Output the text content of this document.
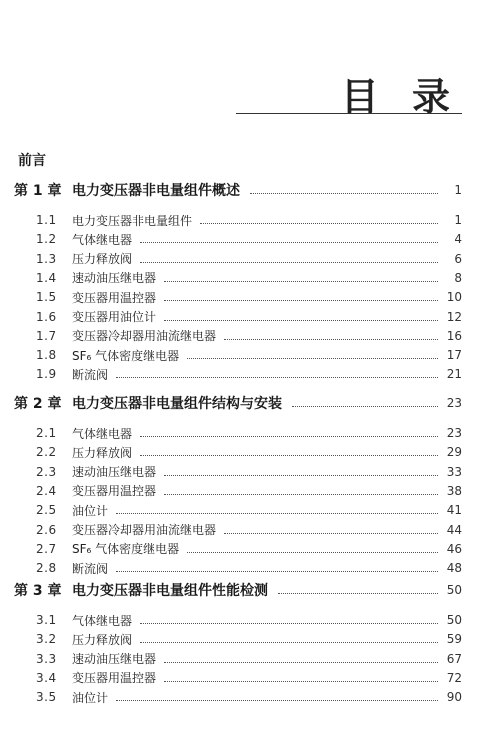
目 录
前言
第 1 章 电力变压器非电量组件概述	1
1.1 电力变压器非电量组件	1
1.2 气体继电器	4
1.3 压力释放阀	6
1.4 速动油压继电器	8
1.5 变压器用温控器	10
1.6 变压器用油位计	12
1.7 变压器冷却器用油流继电器	16
1.8 SF₆ 气体密度继电器	17
1.9 断流阀	21
第 2 章 电力变压器非电量组件结构与安装	23
2.1 气体继电器	23
2.2 压力释放阀	29
2.3 速动油压继电器	33
2.4 变压器用温控器	38
2.5 油位计	41
2.6 变压器冷却器用油流继电器	44
2.7 SF₆ 气体密度继电器	46
2.8 断流阀	48
第 3 章 电力变压器非电量组件性能检测	50
3.1 气体继电器	50
3.2 压力释放阀	59
3.3 速动油压继电器	67
3.4 变压器用温控器	72
3.5 油位计	90
